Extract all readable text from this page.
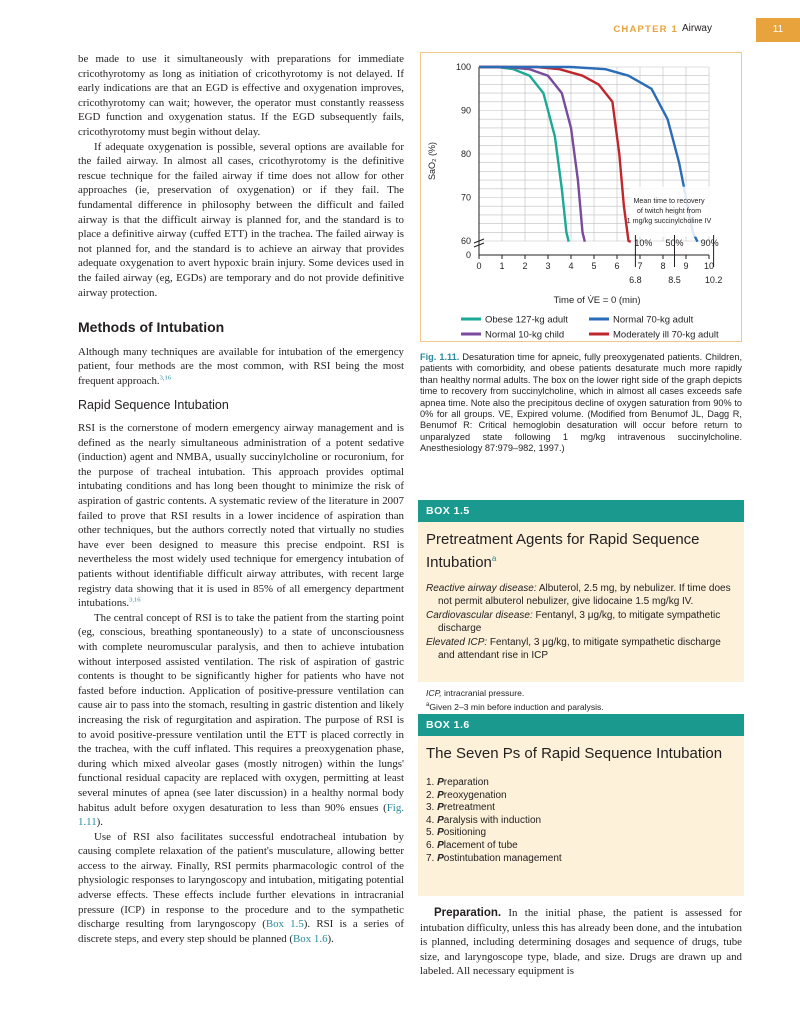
CHAPTER 1 Airway	11

be made to use it simultaneously with preparations for immediate cricothyrotomy as long as initiation of cricothyrotomy is not delayed. If early indications are that an EGD is effective and oxygenation improves, cricothyrotomy can wait; however, the operator must constantly reassess EGD function and oxygenation status. If the EGD subsequently fails, cricothyrotomy must begin without delay.

If adequate oxygenation is possible, several options are available for the failed airway. In almost all cases, cricothyrotomy is the definitive rescue technique for the failed airway if time does not allow for other approaches (ie, preservation of oxygenation) or if they fail. The fundamental difference in philosophy between the difficult and failed airway is that the difficult airway is planned for, and the standard is to place a definitive airway (cuffed ETT) in the trachea. The failed airway is not planned for, and the standard is to achieve an airway that provides adequate oxygenation to avert hypoxic brain injury. Some devices used in the failed airway (eg, EGDs) are temporary and do not provide definitive airway protection.

Methods of Intubation

Although many techniques are available for intubation of the emergency patient, four methods are the most common, with RSI being the most frequent approach.$^{3,16}$

Rapid Sequence Intubation

RSI is the cornerstone of modern emergency airway management and is defined as the nearly simultaneous administration of a potent sedative (induction) agent and NMBA, usually succinylcholine or rocuronium, for the purpose of tracheal intubation. This approach provides optimal intubating conditions and has long been thought to minimize the risk of aspiration of gastric contents. A systematic review of the literature in 2007 failed to prove that RSI results in a lower incidence of aspiration than other techniques, but the authors correctly noted that virtually no studies have ever been designed to measure this precise endpoint. RSI is nevertheless the most widely used technique for emergency intubation of patients without identifiable difficult airway attributes, with recent large registry data showing that it is used in 85% of all emergency department intubations.$^{3,16}$

The central concept of RSI is to take the patient from the starting point (eg, conscious, breathing spontaneously) to a state of unconsciousness with complete neuromuscular paralysis, and then to achieve intubation without interposed assisted ventilation. The risk of aspiration of gastric contents is thought to be significantly higher for patients who have not fasted before induction. Application of positive-pressure ventilation can cause air to pass into the stomach, resulting in gastric distention and likely increasing the risk of regurgitation and aspiration. The purpose of RSI is to avoid positive-pressure ventilation until the ETT is placed correctly in the trachea, with the cuff inflated. This requires a preoxygenation phase, during which mixed alveolar gases (mostly nitrogen) within the lungs' functional residual capacity are replaced with oxygen, permitting at least several minutes of apnea (see later discussion) in a healthy normal body habitus adult before oxygen desaturation to less than 90% ensues (Fig. 1.11).

Use of RSI also facilitates successful endotracheal intubation by causing complete relaxation of the patient's musculature, allowing better access to the airway. Finally, RSI permits pharmacologic control of the physiologic responses to laryngoscopy and intubation, mitigating potential adverse effects. These effects include further elevations in intracranial pressure (ICP) in response to the procedure and to the sympathetic discharge resulting from laryngoscopy (Box 1.5). RSI is a series of discrete steps, and every step should be planned (Box 1.6).

0
60
70
80
90
100
0 1 2 3 4 5 6 7 8 9 10
SaO₂ (%)
Time of V̇E = 0 (min)
Mean time to recovery
of twitch height from
1 mg/kg succinylcholine IV
10% 50% 90%
6.8	8.5	10.2
Obese 127-kg adult	Normal 70-kg adult
Normal 10-kg child	Moderately ill 70-kg adult
Fig. 1.11. Desaturation time for apneic, fully preoxygenated patients. Children, patients with comorbidity, and obese patients desaturate much more rapidly than healthy normal adults. The box on the lower right side of the graph depicts time to recovery from succinylcholine, which in almost all cases exceeds safe apnea time. Note also the precipitous decline of oxygen saturation from 90% to 0% for all groups. VE, Expired volume. (Modified from Benumof JL, Dagg R, Benumof R: Critical hemoglobin desaturation will occur before return to unparalyzed state following 1 mg/kg intravenous succinylcholine. Anesthesiology 87:979–982, 1997.)
BOX 1.5
Pretreatment Agents for Rapid Sequence Intubation$^a$
Reactive airway disease: Albuterol, 2.5 mg, by nebulizer. If time does not permit albuterol nebulizer, give lidocaine 1.5 mg/kg IV.
Cardiovascular disease: Fentanyl, 3 μg/kg, to mitigate sympathetic discharge
Elevated ICP: Fentanyl, 3 μg/kg, to mitigate sympathetic discharge and attendant rise in ICP
ICP, intracranial pressure.
$^a$Given 2–3 min before induction and paralysis.
BOX 1.6
The Seven Ps of Rapid Sequence Intubation
1. Preparation
2. Preoxygenation
3. Pretreatment
4. Paralysis with induction
5. Positioning
6. Placement of tube
7. Postintubation management
Preparation. In the initial phase, the patient is assessed for intubation difficulty, unless this has already been done, and the intubation is planned, including determining dosages and sequence of drugs, tube size, and laryngoscope type, blade, and size. Drugs are drawn up and labeled. All necessary equipment is
